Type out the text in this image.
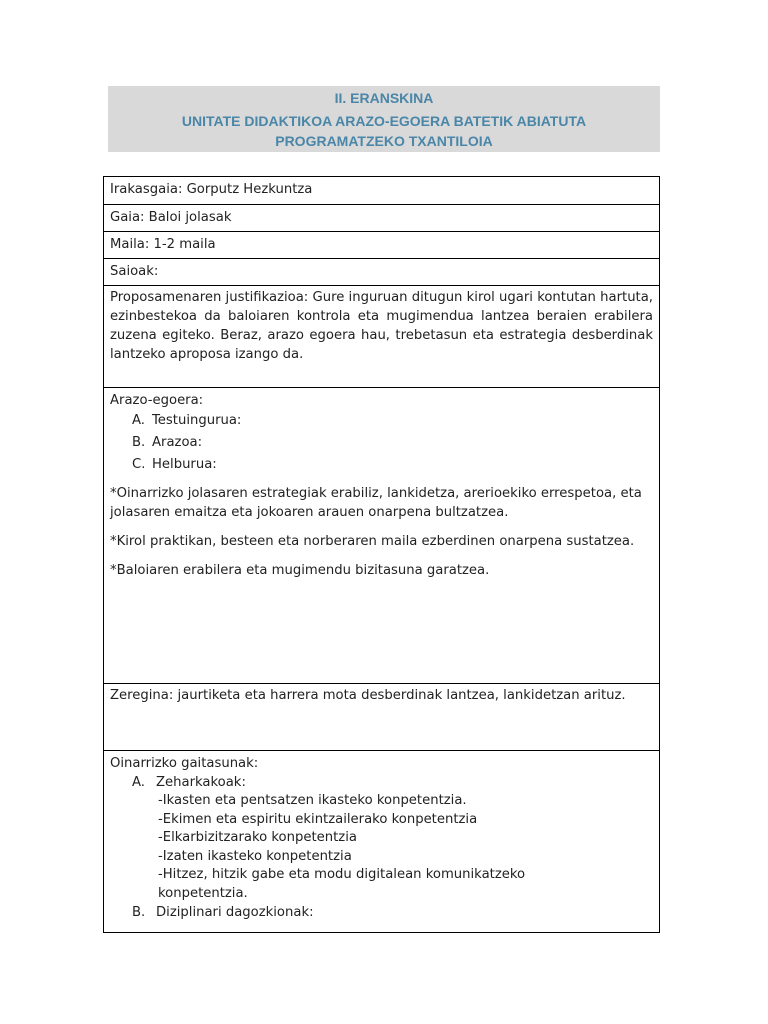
II. ERANSKINA
UNITATE DIDAKTIKOA ARAZO-EGOERA BATETIK ABIATUTA
PROGRAMATZEKO TXANTILOIA
Irakasgaia: Gorputz Hezkuntza
Gaia: Baloi jolasak
Maila: 1-2 maila
Saioak:
Proposamenaren justifikazioa: Gure inguruan ditugun kirol ugari kontutan hartuta, ezinbestekoa da baloiaren kontrola eta mugimendua lantzea beraien erabilera zuzena egiteko. Beraz, arazo egoera hau, trebetasun eta estrategia desberdinak lantzeko aproposa izango da.
Arazo-egoera:
A. Testuingurua:
B. Arazoa:
C. Helburua:
*Oinarrizko jolasaren estrategiak erabiliz, lankidetza, arerioekiko errespetoa, eta jolasaren emaitza eta jokoaren arauen onarpena bultzatzea.
*Kirol praktikan, besteen eta norberaren maila ezberdinen onarpena sustatzea.
*Baloiaren erabilera eta mugimendu bizitasuna garatzea.
Zeregina: jaurtiketa eta harrera mota desberdinak lantzea, lankidetzan arituz.
Oinarrizko gaitasunak:
A. Zeharkakoak:
-Ikasten eta pentsatzen ikasteko konpetentzia.
-Ekimen eta espiritu ekintzailerako konpetentzia
-Elkarbizitzarako konpetentzia
-Izaten ikasteko konpetentzia
-Hitzez, hitzik gabe eta modu digitalean komunikatzeko
konpetentzia.
B. Diziplinari dagozkionak:
